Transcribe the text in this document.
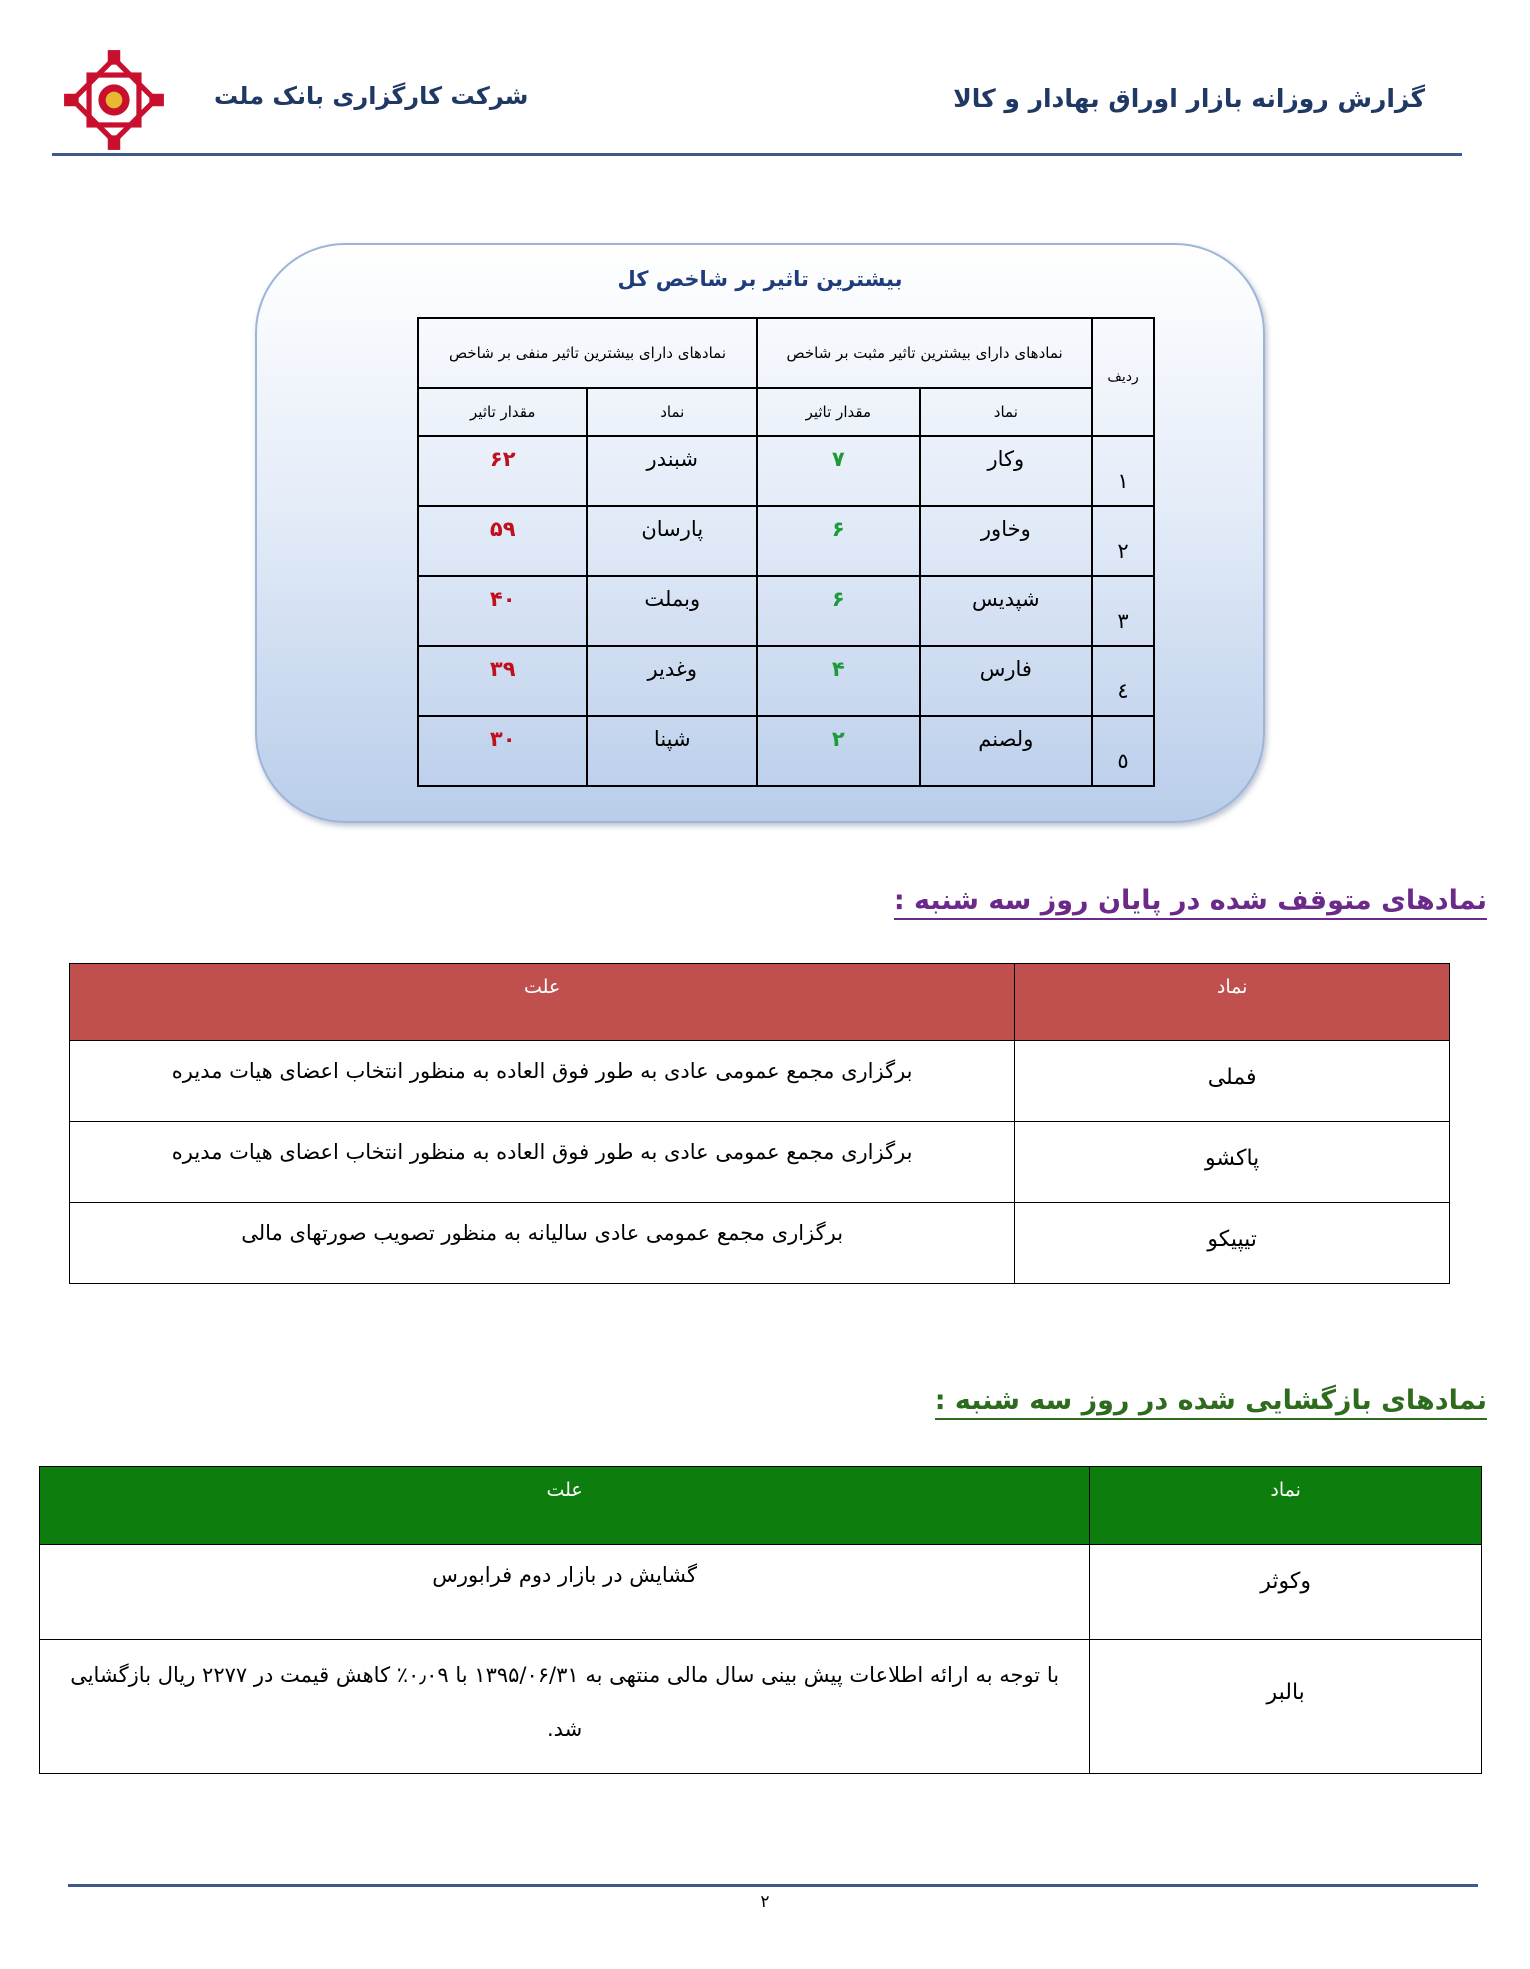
گزارش روزانه بازار اوراق بهادار و کالا
شرکت کارگزاری بانک ملت
بیشترین تاثیر بر شاخص کل
ردیف	نمادهای دارای بیشترین تاثیر مثبت بر شاخص		نمادهای دارای بیشترین تاثیر منفی بر شاخص	
	نماد	مقدار تاثیر	نماد	مقدار تاثیر
۱	وکار	۷	شبندر	۶۲
۲	وخاور	۶	پارسان	۵۹
۳	شپدیس	۶	وبملت	۴۰
٤	فارس	۴	وغدیر	۳۹
٥	ولصنم	۲	شپنا	۳۰
نمادهای متوقف شده در پایان روز سه شنبه :
نماد	علت
فملی	برگزاری مجمع عمومی عادی به طور فوق العاده به منظور انتخاب اعضای هیات مدیره
پاکشو	برگزاری مجمع عمومی عادی به طور فوق العاده به منظور انتخاب اعضای هیات مدیره
تیپیکو	برگزاری مجمع عمومی عادی سالیانه به منظور تصویب صورتهای مالی
نمادهای بازگشایی شده در روز سه شنبه :
نماد	علت
وکوثر	گشایش در بازار دوم فرابورس
بالبر	با توجه به ارائه اطلاعات پیش بینی سال مالی منتهی به ۱۳۹۵/۰۶/۳۱ با ۰٫۰۹٪ کاهش قیمت در ۲۲۷۷ ریال بازگشایی شد.
۲
